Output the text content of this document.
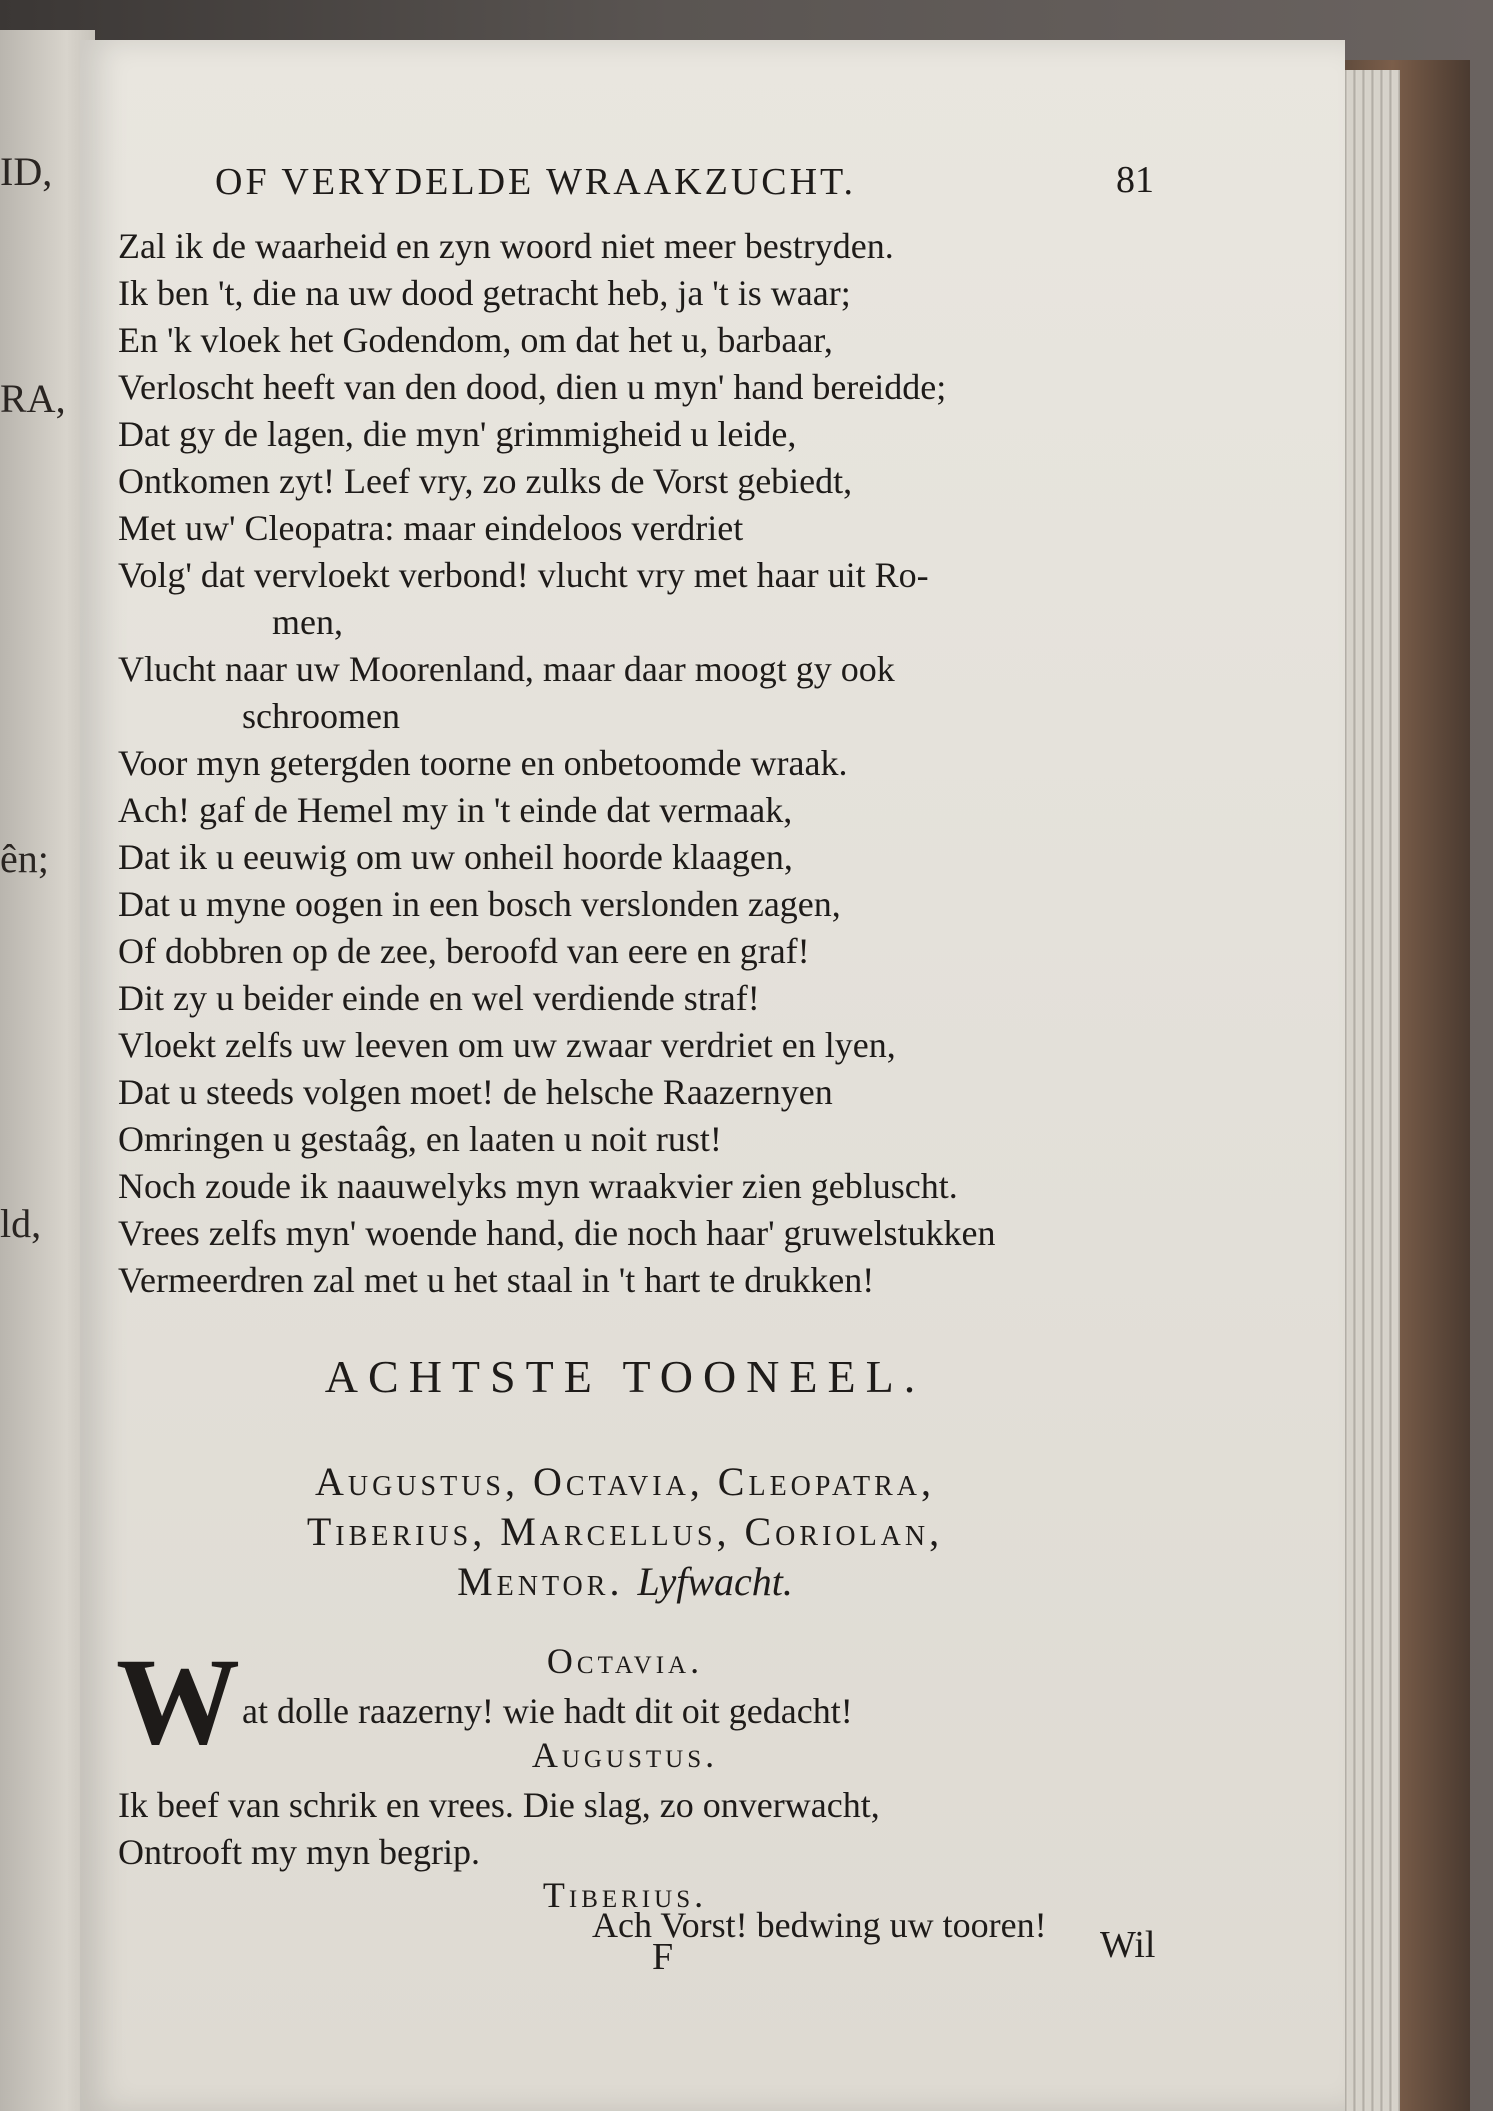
ID,
RA,
ên;
ld,
OF VERYDELDE WRAAKZUCHT.	81
Zal ik de waarheid en zyn woord niet meer bestryden.
Ik ben 't, die na uw dood getracht heb, ja 't is waar;
En 'k vloek het Godendom, om dat het u, barbaar,
Verloscht heeft van den dood, dien u myn' hand bereidde;
Dat gy de lagen, die myn' grimmigheid u leide,
Ontkomen zyt! Leef vry, zo zulks de Vorst gebiedt,
Met uw' Cleopatra: maar eindeloos verdriet
Volg' dat vervloekt verbond! vlucht vry met haar uit Ro-
men,
Vlucht naar uw Moorenland, maar daar moogt gy ook
schroomen
Voor myn getergden toorne en onbetoomde wraak.
Ach! gaf de Hemel my in 't einde dat vermaak,
Dat ik u eeuwig om uw onheil hoorde klaagen,
Dat u myne oogen in een bosch verslonden zagen,
Of dobbren op de zee, beroofd van eere en graf!
Dit zy u beider einde en wel verdiende straf!
Vloekt zelfs uw leeven om uw zwaar verdriet en lyen,
Dat u steeds volgen moet! de helsche Raazernyen
Omringen u gestaâg, en laaten u noit rust!
Noch zoude ik naauwelyks myn wraakvier zien gebluscht.
Vrees zelfs myn' woende hand, die noch haar' gruwelstukken
Vermeerdren zal met u het staal in 't hart te drukken!
ACHTSTE TOONEEL.
Augustus, Octavia, Cleopatra,
Tiberius, Marcellus, Coriolan,
Mentor. Lyfwacht.
Octavia.
W at dolle raazerny! wie hadt dit oit gedacht!
Augustus.
Ik beef van schrik en vrees. Die slag, zo onverwacht,
Ontrooft my myn begrip.
Tiberius.
Ach Vorst! bedwing uw tooren!
F	Wil
